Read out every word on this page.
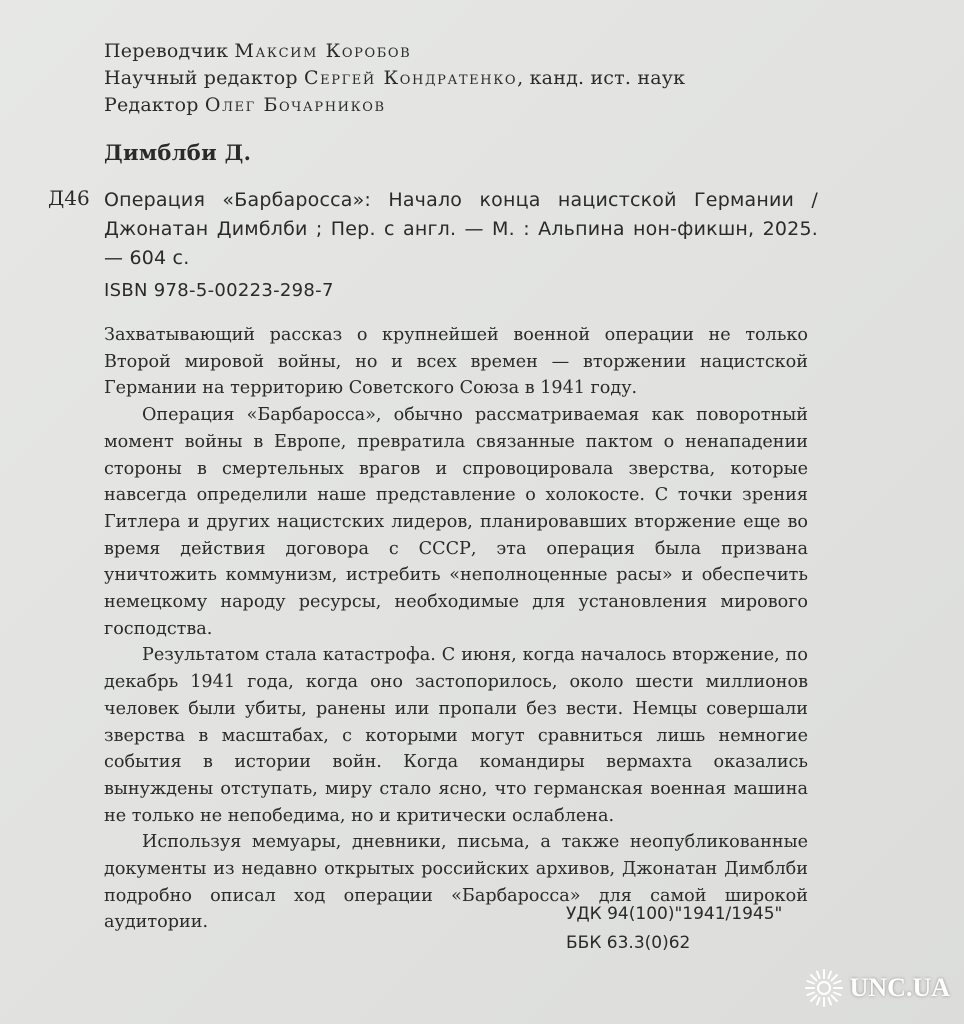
Переводчик Максим Коробов
Научный редактор Сергей Кондратенко, канд. ист. наук
Редактор Олег Бочарников
Димблби Д.
Д46 Операция «Барбаросса»: Начало конца нацистской Германии / Джонатан Димблби ; Пер. с англ. — М. : Альпина нон-фикшн, 2025. — 604 с.
ISBN 978-5-00223-298-7

Захватывающий рассказ о крупнейшей военной операции не только Второй мировой войны, но и всех времен — вторжении нацистской Германии на территорию Советского Союза в 1941 году.

Операция «Барбаросса», обычно рассматриваемая как поворотный момент войны в Европе, превратила связанные пактом о ненападении стороны в смертельных врагов и спровоцировала зверства, которые навсегда определили наше представление о холокосте. С точки зрения Гитлера и других нацистских лидеров, планировавших вторжение еще во время действия договора с СССР, эта операция была призвана уничтожить коммунизм, истребить «неполноценные расы» и обеспечить немецкому народу ресурсы, необходимые для установления мирового господства.

Результатом стала катастрофа. С июня, когда началось вторжение, по декабрь 1941 года, когда оно застопорилось, около шести миллионов человек были убиты, ранены или пропали без вести. Немцы совершали зверства в масштабах, с которыми могут сравниться лишь немногие события в истории войн. Когда командиры вермахта оказались вынуждены отступать, миру стало ясно, что германская военная машина не только не непобедима, но и критически ослаблена.

Используя мемуары, дневники, письма, а также неопубликованные документы из недавно открытых российских архивов, Джонатан Димблби подробно описал ход операции «Барбаросса» для самой широкой аудитории.	УДК 94(100)"1941/1945"
ББК 63.3(0)62
UNC.UA
